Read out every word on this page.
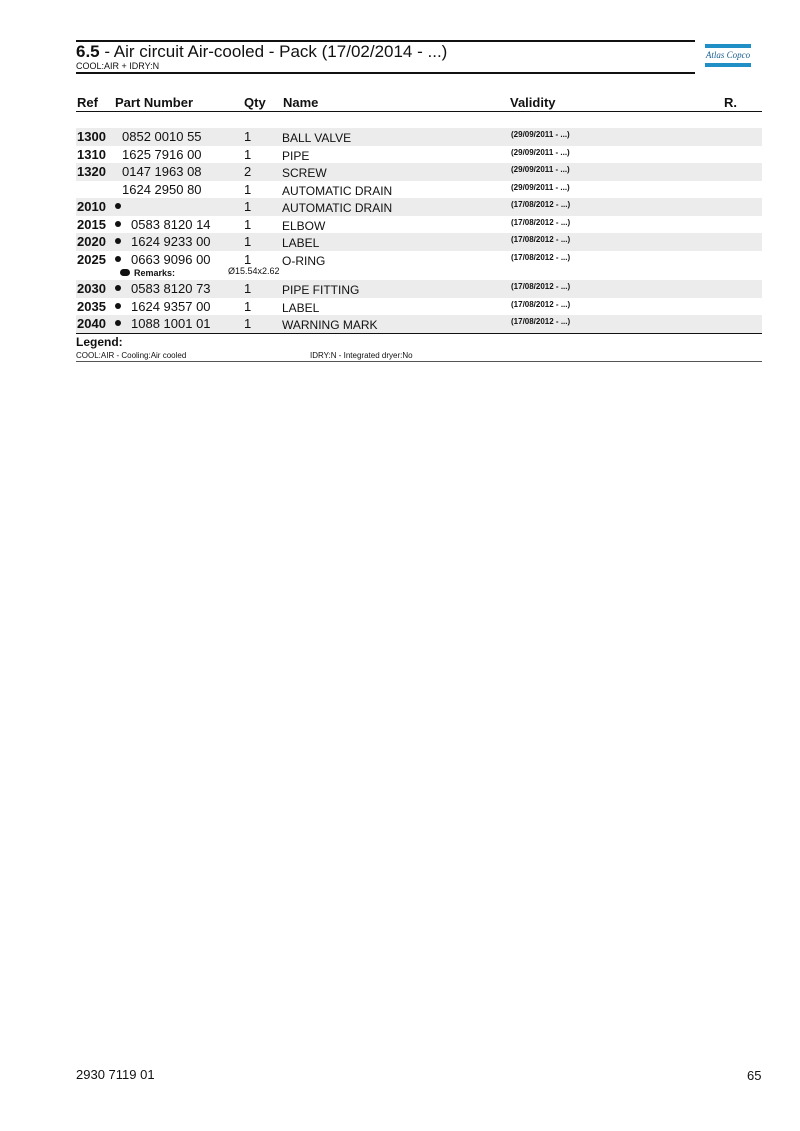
6.5 - Air circuit Air-cooled - Pack (17/02/2014 - ...)
COOL:AIR + IDRY:N
Atlas Copco
Ref Part Number	Qty Name	Validity	R.
1300 0852 0010 55	1	BALL VALVE	(29/09/2011 - ...)
1310 1625 7916 00	1	PIPE	(29/09/2011 - ...)
1320 0147 1963 08	2	SCREW	(29/09/2011 - ...)
1624 2950 80	1	AUTOMATIC DRAIN	(29/09/2011 - ...)
2010	1	AUTOMATIC DRAIN	(17/08/2012 - ...)
2015 0583 8120 14	1	ELBOW	(17/08/2012 - ...)
2020 1624 9233 00	1	LABEL	(17/08/2012 - ...)
2025 0663 9096 00	1	O-RING	(17/08/2012 - ...)
Remarks:	Ø15.54x2.62
2030 0583 8120 73	1	PIPE FITTING	(17/08/2012 - ...)
2035 1624 9357 00	1	LABEL	(17/08/2012 - ...)
2040 1088 1001 01	1	WARNING MARK	(17/08/2012 - ...)
Legend:
COOL:AIR - Cooling:Air cooled	IDRY:N - Integrated dryer:No
2930 7119 01	65
